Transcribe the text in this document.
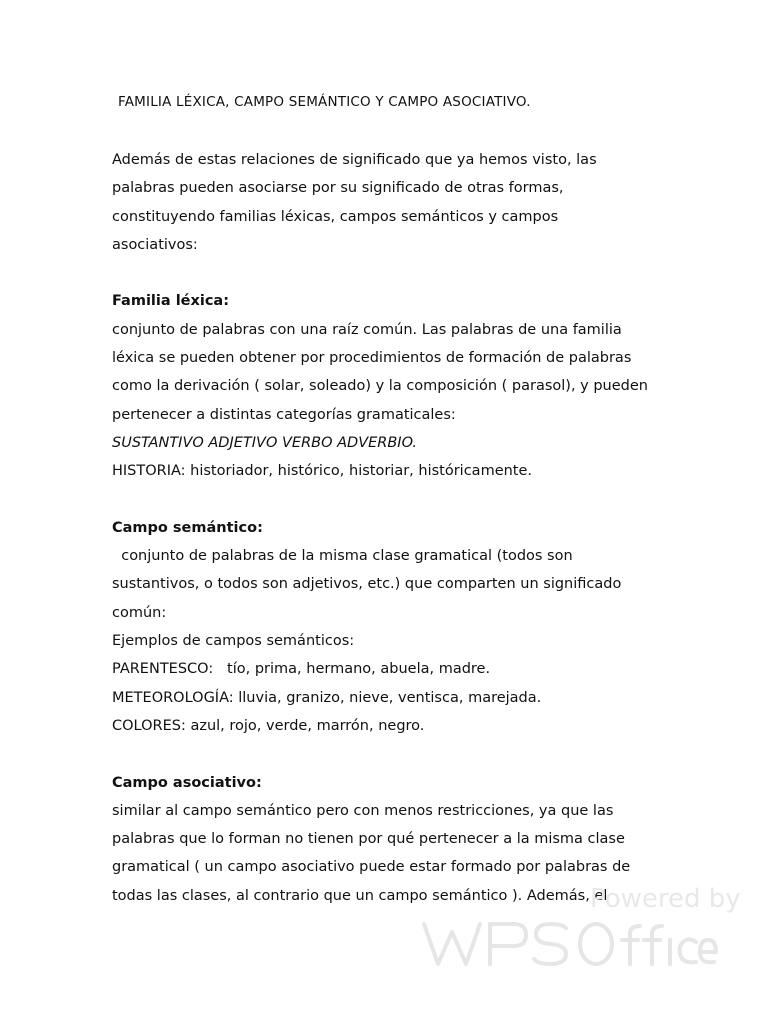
FAMILIA LÉXICA, CAMPO SEMÁNTICO Y CAMPO ASOCIATIVO.
Además de estas relaciones de significado que ya hemos visto, las
palabras pueden asociarse por su significado de otras formas,
constituyendo familias léxicas, campos semánticos y campos
asociativos:
Familia léxica:
conjunto de palabras con una raíz común. Las palabras de una familia
léxica se pueden obtener por procedimientos de formación de palabras
como la derivación ( solar, soleado) y la composición ( parasol), y pueden
pertenecer a distintas categorías gramaticales:
SUSTANTIVO ADJETIVO VERBO ADVERBIO.
HISTORIA: historiador, histórico, historiar, históricamente.
Campo semántico:
conjunto de palabras de la misma clase gramatical (todos son
sustantivos, o todos son adjetivos, etc.) que comparten un significado
común:
Ejemplos de campos semánticos:
PARENTESCO:   tío, prima, hermano, abuela, madre.
METEOROLOGÍA: lluvia, granizo, nieve, ventisca, marejada.
COLORES: azul, rojo, verde, marrón, negro.
Campo asociativo:
similar al campo semántico pero con menos restricciones, ya que las
palabras que lo forman no tienen por qué pertenecer a la misma clase
gramatical ( un campo asociativo puede estar formado por palabras de
todas las clases, al contrario que un campo semántico ). Además, el
Powered by
